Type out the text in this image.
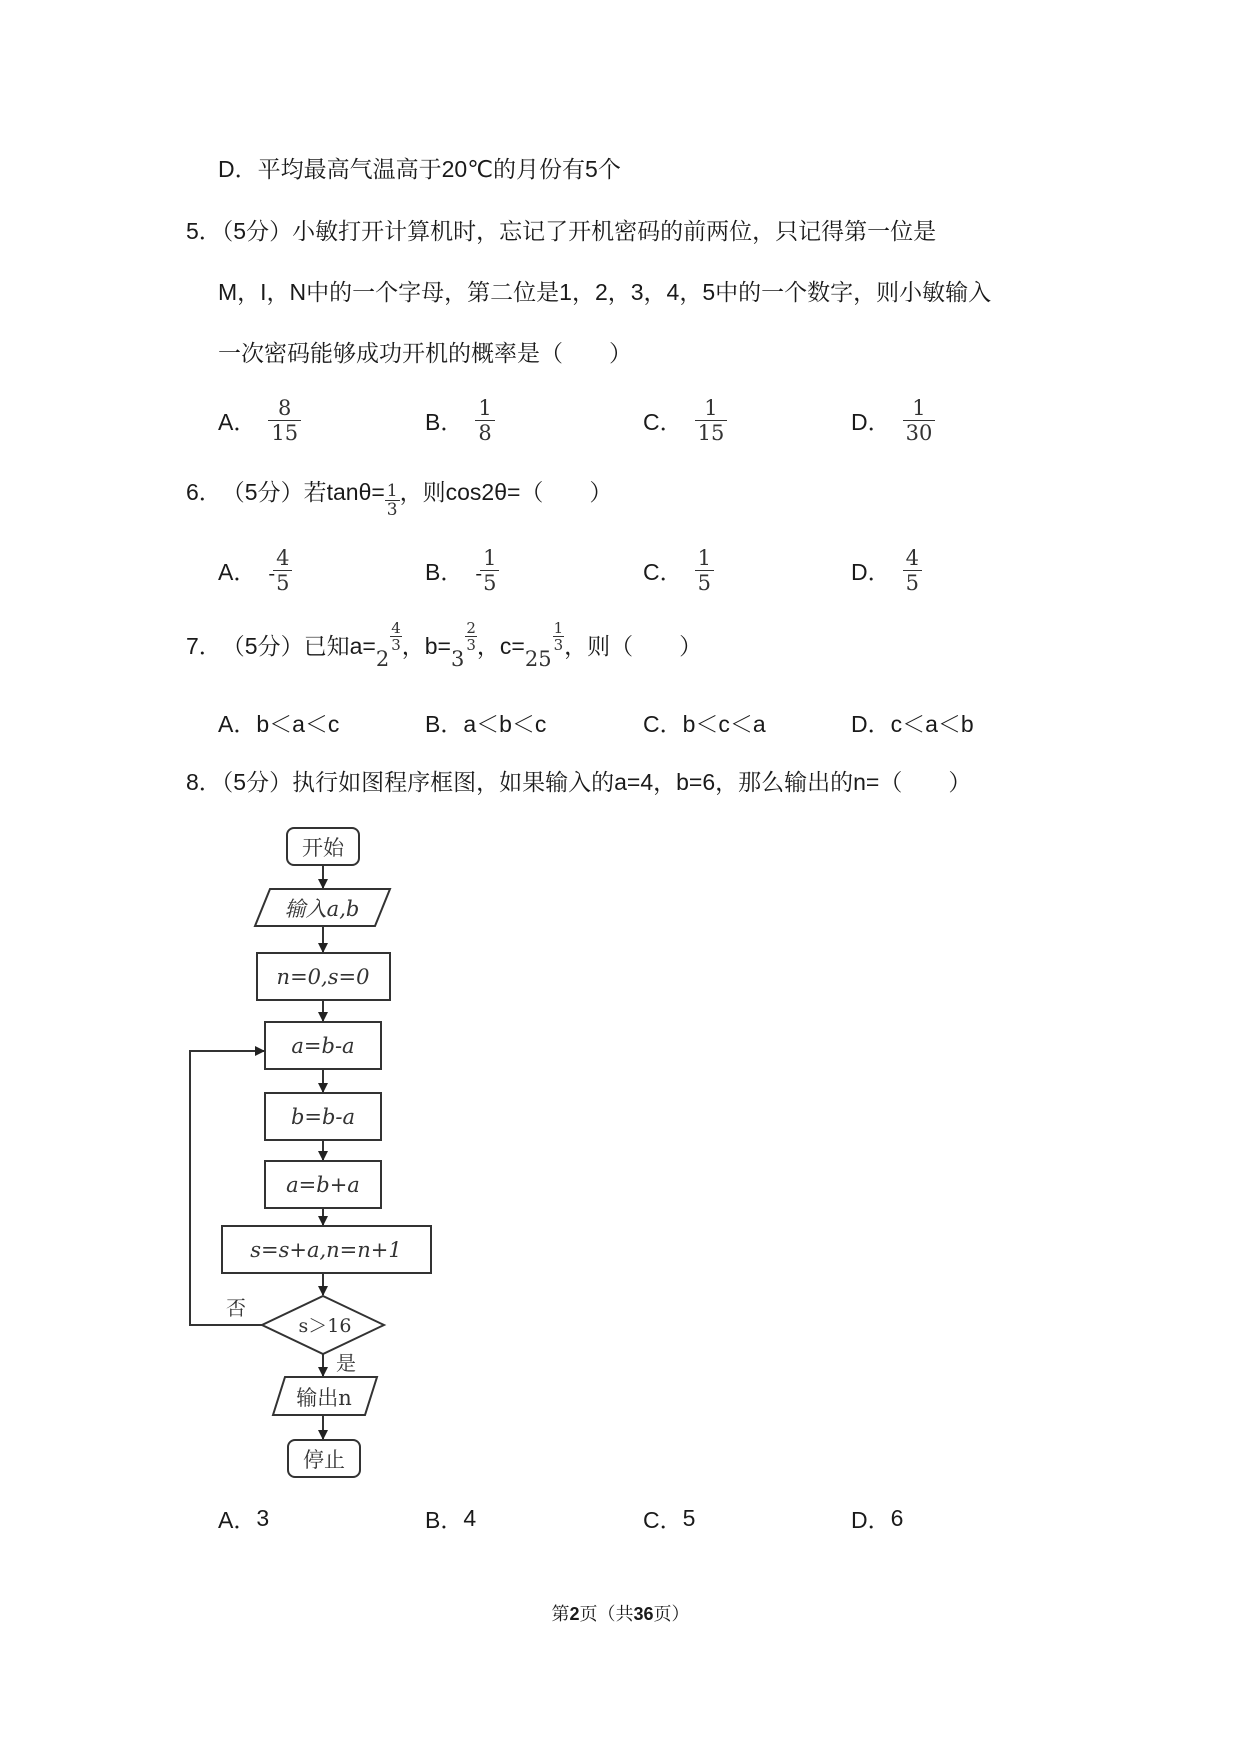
D．平均最高气温高于20℃的月份有5个
5．（5分）小敏打开计算机时，忘记了开机密码的前两位，只记得第一位是
M，I，N中的一个字母，第二位是1，2，3，4，5中的一个数字，则小敏输入
一次密码能够成功开机的概率是（　　）
A． $\frac{8}{15}$	B． $\frac{1}{8}$	C． $\frac{1}{15}$	D． $\frac{1}{30}$
6． （5分） 若$\tan\theta= \frac{1}{3}$ ，则cos2θ=（　　）
A． -
$\frac{4}{5}$	B． -
$\frac{1}{5}$	C． $\frac{1}{5}$	D． $\frac{4}{5}$
7． （5分） 已知a= 2
$\frac{4}{3}$ ，b= 3
$\frac{2}{3}$ ，c= 25
$\frac{1}{3}$ ，则（　　）
A． b＜a＜c	B． a＜b＜c	C． b＜c＜a	D． c＜a＜b
8．（5分）执行如图程序框图，如果输入的a=4，b=6，那么输出的n=（　　）
开始
输入a,b
n=0,s=0
a=b-a
b=b-a
a=b+a
s=s+a,n=n+1
s＞16
否
是
输出n
停止
A． 3	B． 4	C． 5	D． 6
第2页（共36页）
